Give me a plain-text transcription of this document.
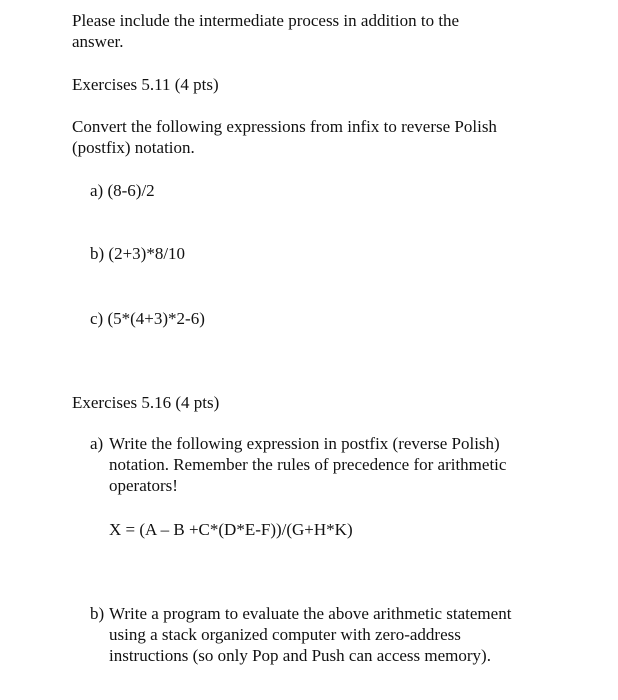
Please include the intermediate process in addition to the
answer.

Exercises 5.11 (4 pts)

Convert the following expressions from infix to reverse Polish
(postfix) notation.

a) (8-6)/2

b) (2+3)*8/10

c) (5*(4+3)*2-6)

Exercises 5.16 (4 pts)

a) Write the following expression in postfix (reverse Polish)
notation. Remember the rules of precedence for arithmetic
operators!

X = (A – B +C*(D*E-F))/(G+H*K)

b) Write a program to evaluate the above arithmetic statement
using a stack organized computer with zero-address
instructions (so only Pop and Push can access memory).
